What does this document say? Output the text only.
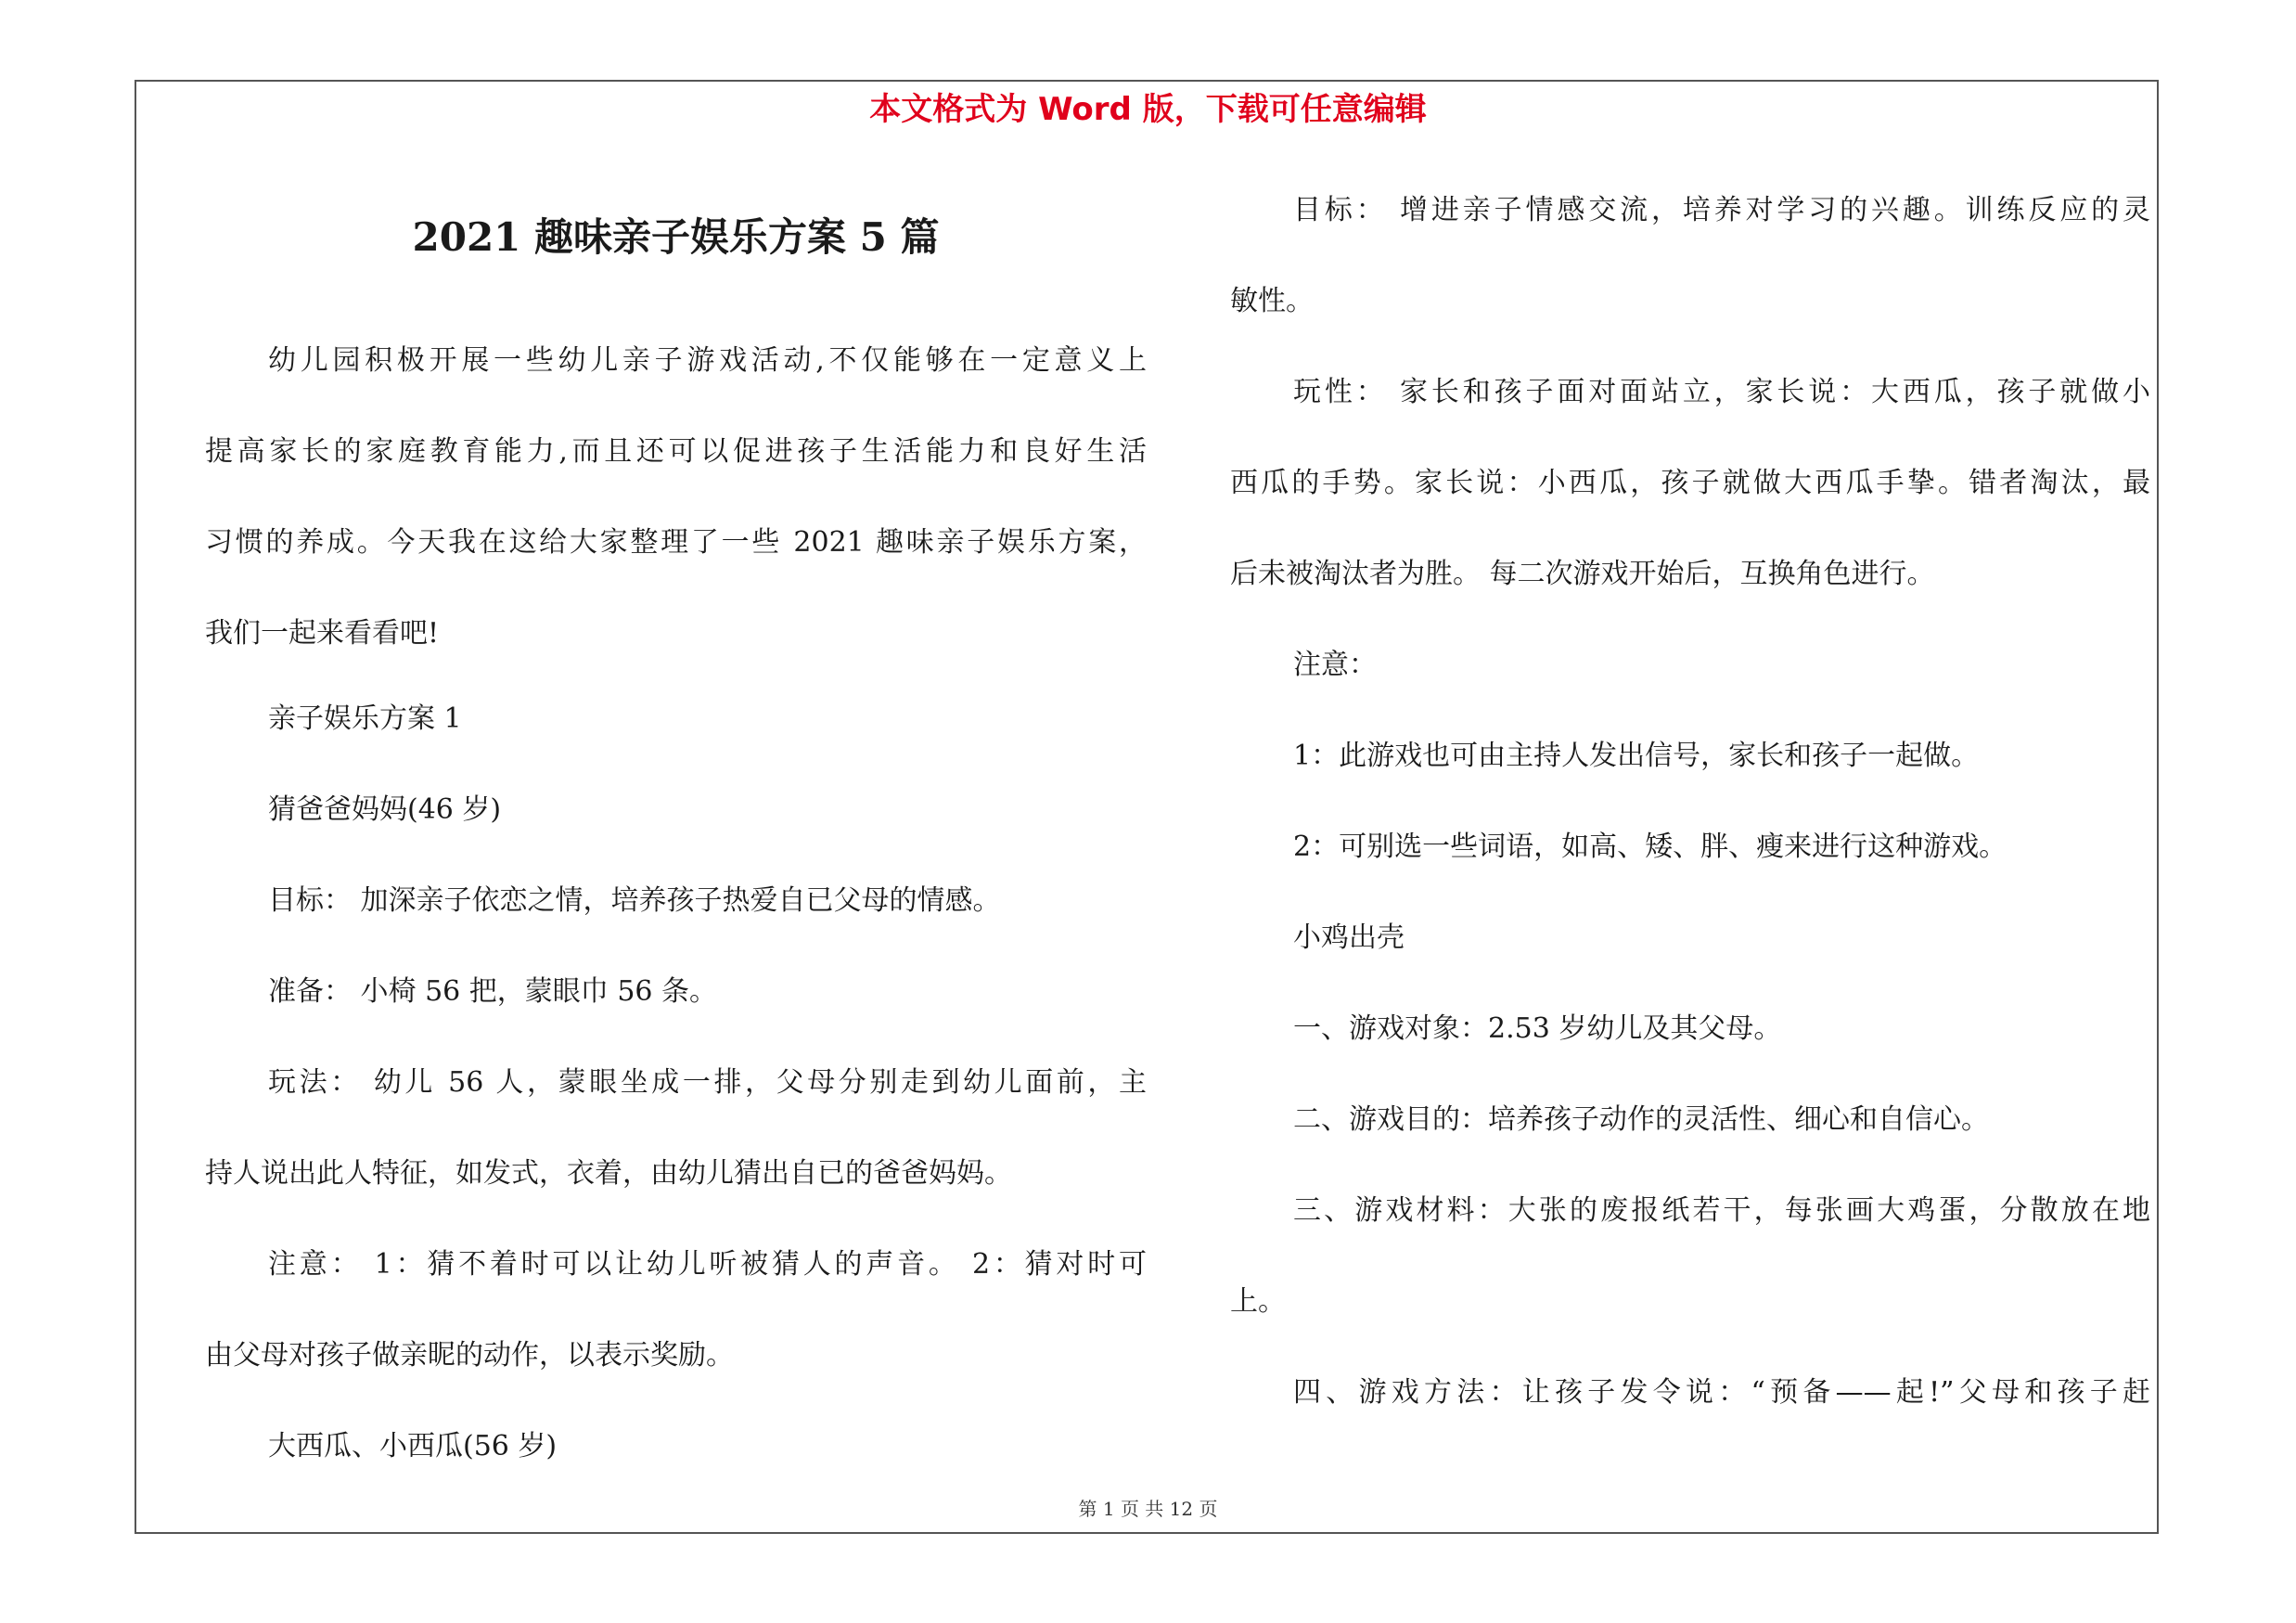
本文格式为 Word 版，下载可任意编辑
2021 趣味亲子娱乐方案 5 篇
幼儿园积极开展一些幼儿亲子游戏活动,不仅能够在一定意义上
提高家长的家庭教育能力,而且还可以促进孩子生活能力和良好生活
习惯的养成。今天我在这给大家整理了一些 2021 趣味亲子娱乐方案，
我们一起来看看吧!
亲子娱乐方案 1
猜爸爸妈妈(46 岁)
目标： 加深亲子依恋之情，培养孩子热爱自已父母的情感。
准备： 小椅 56 把，蒙眼巾 56 条。
玩法： 幼儿 56 人，蒙眼坐成一排，父母分别走到幼儿面前，主
持人说出此人特征，如发式，衣着，由幼儿猜出自已的爸爸妈妈。
注意： 1：猜不着时可以让幼儿听被猜人的声音。 2：猜对时可
由父母对孩子做亲昵的动作，以表示奖励。
大西瓜、小西瓜(56 岁)
目标： 增进亲子情感交流，培养对学习的兴趣。训练反应的灵
敏性。
玩性： 家长和孩子面对面站立，家长说：大西瓜，孩子就做小
西瓜的手势。家长说：小西瓜，孩子就做大西瓜手挚。错者淘汰，最
后未被淘汰者为胜。 每二次游戏开始后，互换角色进行。
注意：
1：此游戏也可由主持人发出信号，家长和孩子一起做。
2：可别选一些词语，如高、矮、胖、瘦来进行这种游戏。
小鸡出壳
一、游戏对象：2.53 岁幼儿及其父母。
二、游戏目的：培养孩子动作的灵活性、细心和自信心。
三、游戏材料：大张的废报纸若干，每张画大鸡蛋，分散放在地
上。
四、游戏方法：让孩子发令说：“预备——起!”父母和孩子赶
第 1 页 共 12 页
